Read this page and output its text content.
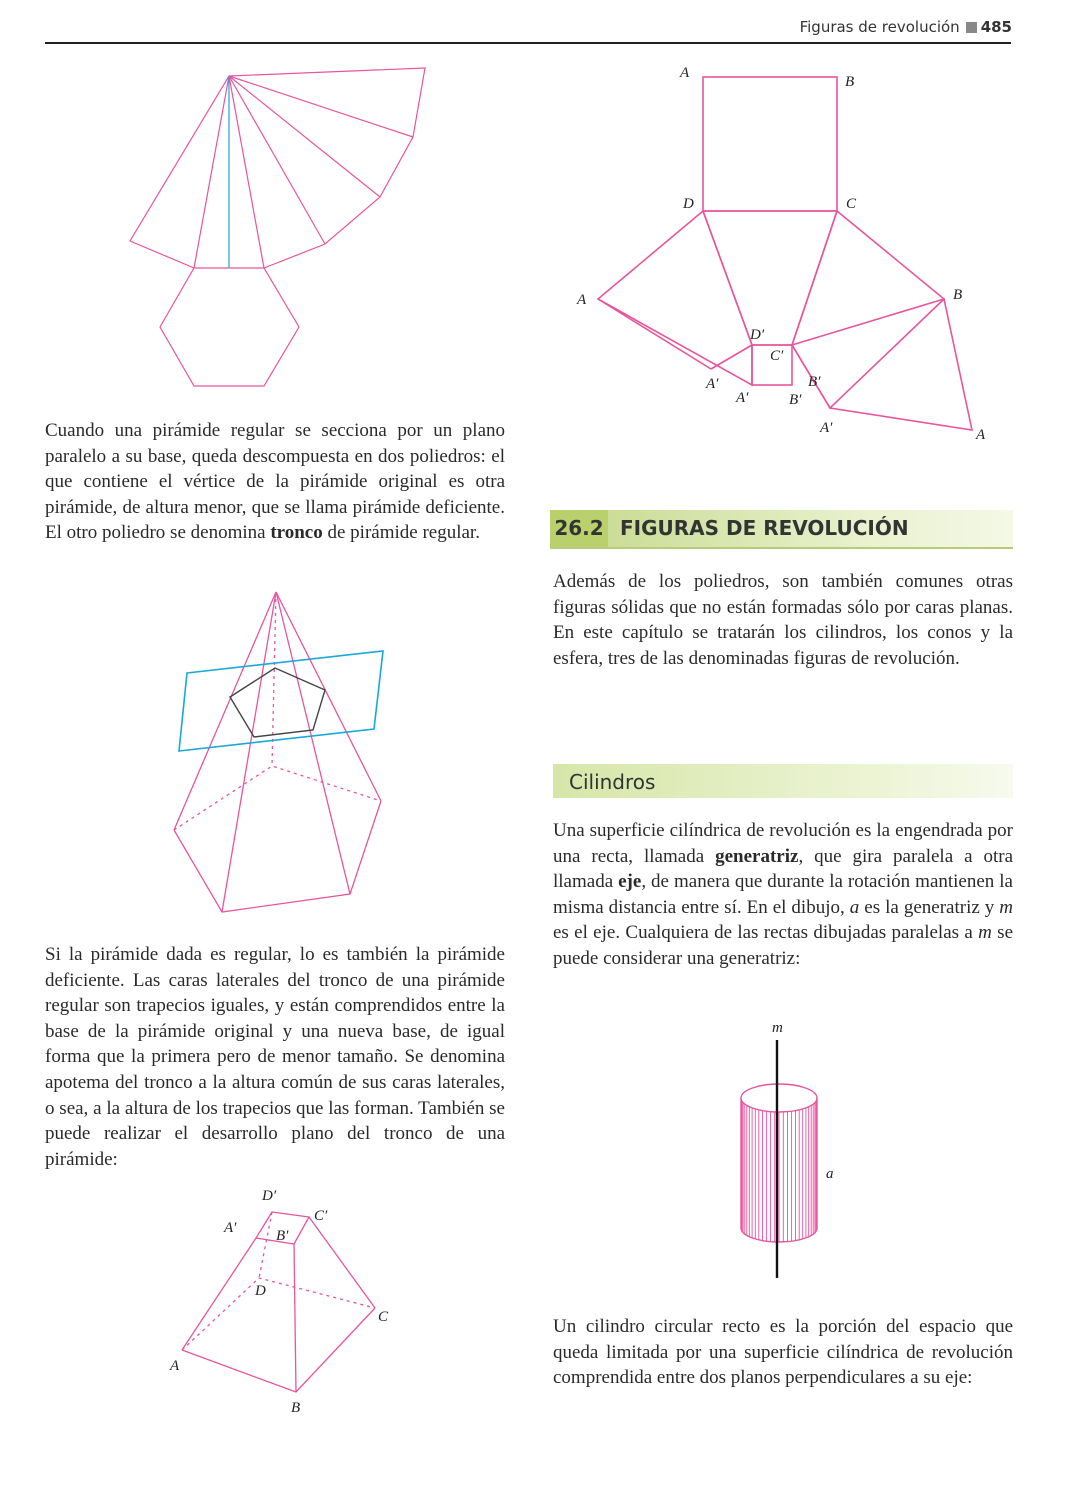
Figuras de revolución 485
D′
C′
A′	B′
D
C
A
B
A
B
D	C
A	B
D′
C′
A′
A′
B′
B′
A′	A
m
a

Cuando una pirámide regular se secciona por un plano paralelo a su base, queda descompuesta en dos poliedros: el que contiene el vértice de la pirámide original es otra pirámide, de altura menor, que se llama pirámide deficiente. El otro poliedro se denomina tronco de pirámide regular.

Si la pirámide dada es regular, lo es también la pirámide deficiente. Las caras laterales del tronco de una pirámide regular son trapecios iguales, y están comprendidos entre la base de la pirámide original y una nueva base, de igual forma que la primera pero de menor tamaño. Se denomina apotema del tronco a la altura común de sus caras laterales, o sea, a la altura de los trapecios que las forman. También se puede realizar el desarrollo plano del tronco de una pirámide:

26.2 FIGURAS DE REVOLUCIÓN

Además de los poliedros, son también comunes otras figuras sólidas que no están formadas sólo por caras planas. En este capítulo se tratarán los cilindros, los conos y la esfera, tres de las denominadas figuras de revolución.

Cilindros

Una superficie cilíndrica de revolución es la engendrada por una recta, llamada generatriz, que gira paralela a otra llamada eje, de manera que durante la rotación mantienen la misma distancia entre sí. En el dibujo, a es la generatriz y m es el eje. Cualquiera de las rectas dibujadas paralelas a m se puede considerar una generatriz:

Un cilindro circular recto es la porción del espacio que queda limitada por una superficie cilíndrica de revolución comprendida entre dos planos perpendiculares a su eje:
